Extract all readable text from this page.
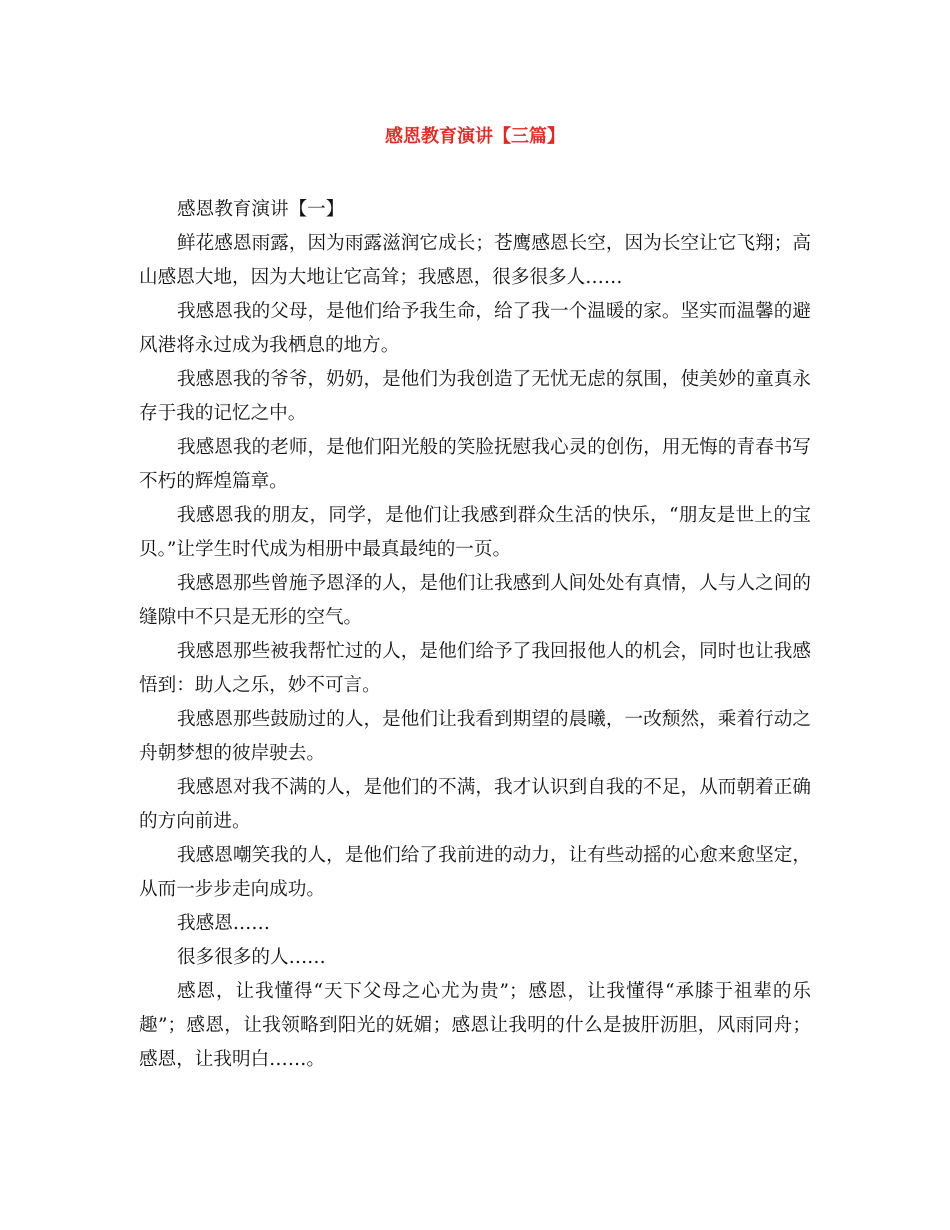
感恩教育演讲【三篇】

感恩教育演讲【一】

鲜花感恩雨露，因为雨露滋润它成长；苍鹰感恩长空，因为长空让它飞翔；高山感恩大地，因为大地让它高耸；我感恩，很多很多人……

我感恩我的父母，是他们给予我生命，给了我一个温暖的家。坚实而温馨的避风港将永过成为我栖息的地方。

我感恩我的爷爷，奶奶，是他们为我创造了无忧无虑的氛围，使美妙的童真永存于我的记忆之中。

我感恩我的老师，是他们阳光般的笑脸抚慰我心灵的创伤，用无悔的青春书写不朽的辉煌篇章。

我感恩我的朋友，同学，是他们让我感到群众生活的快乐，“朋友是世上的宝贝。”让学生时代成为相册中最真最纯的一页。

我感恩那些曾施予恩泽的人，是他们让我感到人间处处有真情，人与人之间的缝隙中不只是无形的空气。

我感恩那些被我帮忙过的人，是他们给予了我回报他人的机会，同时也让我感悟到：助人之乐，妙不可言。

我感恩那些鼓励过的人，是他们让我看到期望的晨曦，一改颓然，乘着行动之舟朝梦想的彼岸驶去。

我感恩对我不满的人，是他们的不满，我才认识到自我的不足，从而朝着正确的方向前进。

我感恩嘲笑我的人，是他们给了我前进的动力，让有些动摇的心愈来愈坚定，从而一步步走向成功。

我感恩……

很多很多的人……

感恩，让我懂得“天下父母之心尤为贵”；感恩，让我懂得“承膝于祖辈的乐趣”；感恩，让我领略到阳光的妩媚；感恩让我明的什么是披肝沥胆，风雨同舟；感恩，让我明白……。
